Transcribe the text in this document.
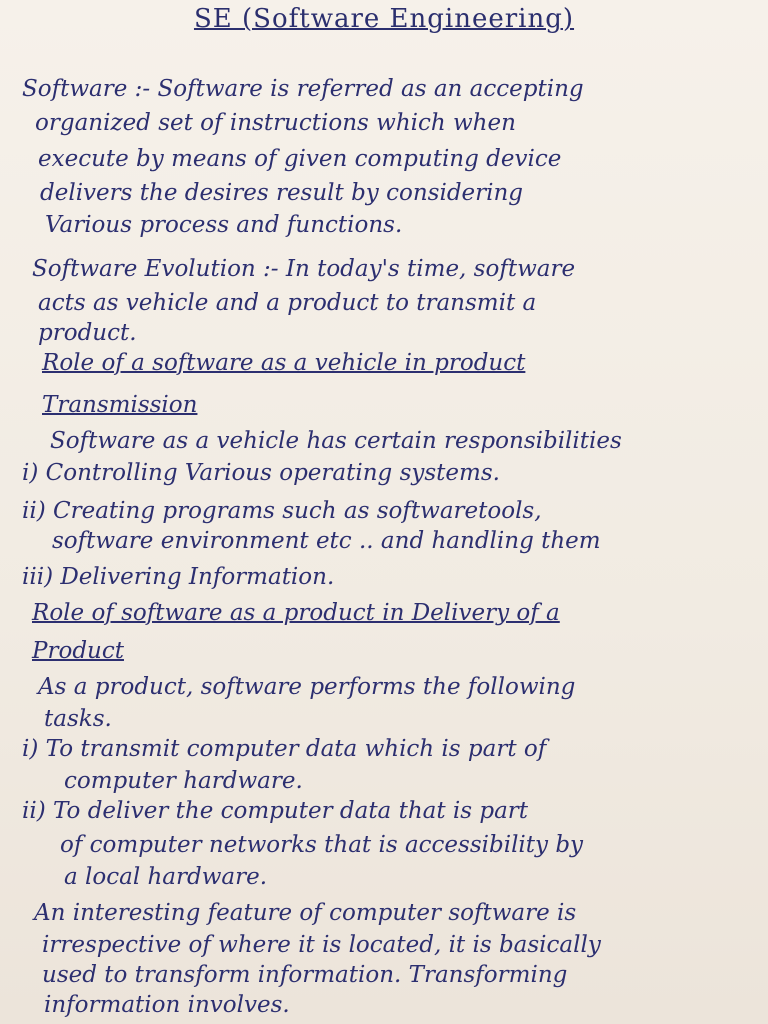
SE (Software Engineering)
Software :- Software is referred as an accepting
organized set of instructions which when
execute by means of given computing device
delivers the desires result by considering
Various process and functions.
Software Evolution :- In today's time, software
acts as vehicle and a product to transmit a
product.
Role of a software as a vehicle in product
Transmission
Software as a vehicle has certain responsibilities
i) Controlling Various operating systems.
ii) Creating programs such as softwaretools,
software environment etc .. and handling them
iii) Delivering Information.
Role of software as a product in Delivery of a
Product
As a product, software performs the following
tasks.
i) To transmit computer data which is part of
computer hardware.
ii) To deliver the computer data that is part
of computer networks that is accessibility by
a local hardware.
An interesting feature of computer software is
irrespective of where it is located, it is basically
used to transform information. Transforming
information involves.
